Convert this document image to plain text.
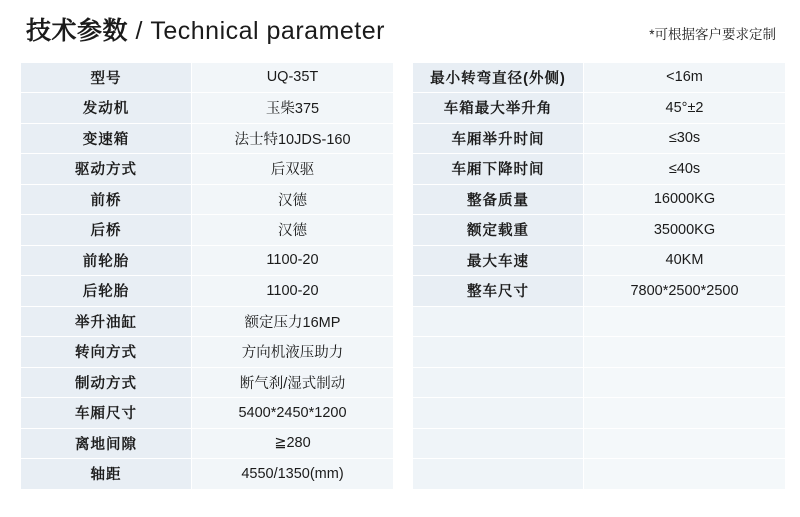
技术参数 / Technical parameter	*可根据客户要求定制
型号	UQ-35T
发动机	玉柴375
变速箱	法士特10JDS-160
驱动方式	后双驱
前桥	汉德
后桥	汉德
前轮胎	1100-20
后轮胎	1100-20
举升油缸	额定压力16MP
转向方式	方向机液压助力
制动方式	断气刹/湿式制动
车厢尺寸	5400*2450*1200
离地间隙	≧280
轴距	4550/1350(mm)
最小转弯直径(外侧)	<16m
车箱最大举升角	45°±2
车厢举升时间	≤30s
车厢下降时间	≤40s
整备质量	16000KG
额定载重	35000KG
最大车速	40KM
整车尺寸	7800*2500*2500
